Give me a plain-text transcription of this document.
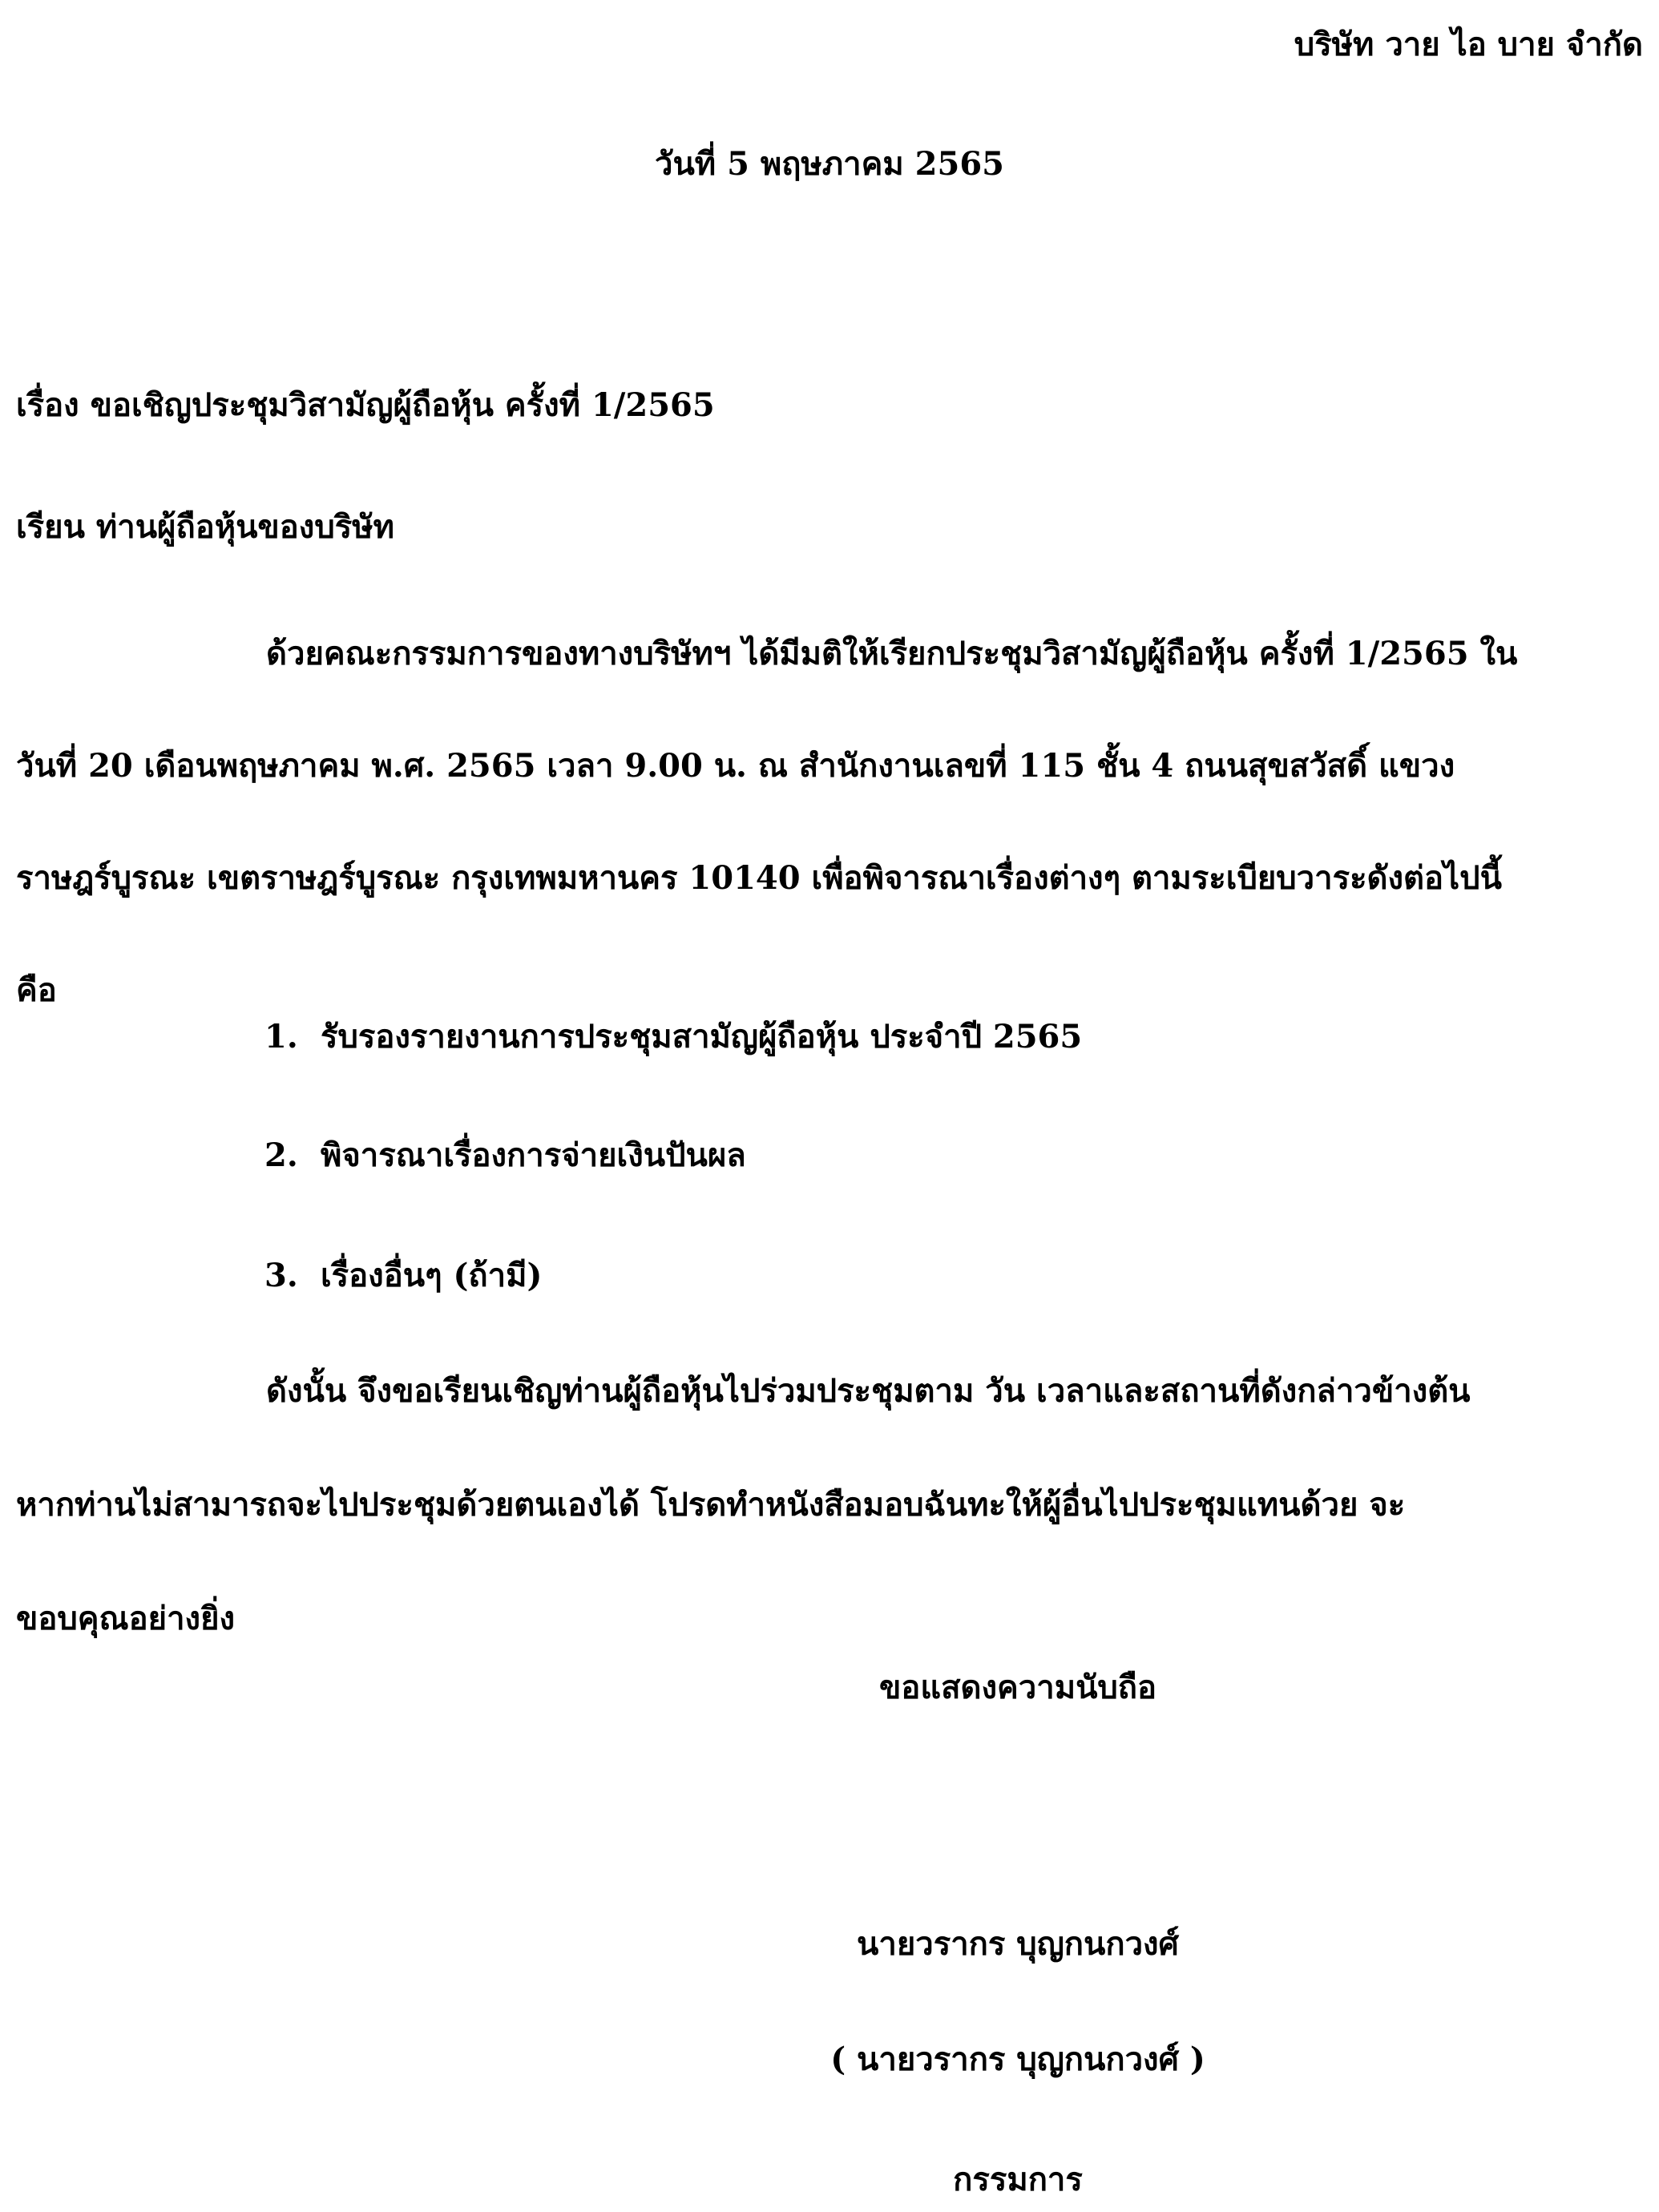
บริษัท วาย ไอ บาย จำกัด
วันที่ 5 พฤษภาคม 2565
เรื่อง ขอเชิญประชุมวิสามัญผู้ถือหุ้น ครั้งที่ 1/2565
เรียน ท่านผู้ถือหุ้นของบริษัท
ด้วยคณะกรรมการของทางบริษัทฯ ได้มีมติให้เรียกประชุมวิสามัญผู้ถือหุ้น ครั้งที่ 1/2565 ใน
วันที่ 20 เดือนพฤษภาคม พ.ศ. 2565 เวลา 9.00 น. ณ สำนักงานเลขที่ 115 ชั้น 4 ถนนสุขสวัสดิ์ แขวง
ราษฎร์บูรณะ เขตราษฎร์บูรณะ กรุงเทพมหานคร 10140 เพื่อพิจารณาเรื่องต่างๆ ตามระเบียบวาระดังต่อไปนี้
คือ
1. รับรองรายงานการประชุมสามัญผู้ถือหุ้น ประจำปี 2565
2. พิจารณาเรื่องการจ่ายเงินปันผล
3. เรื่องอื่นๆ (ถ้ามี)
ดังนั้น จึงขอเรียนเชิญท่านผู้ถือหุ้นไปร่วมประชุมตาม วัน เวลาและสถานที่ดังกล่าวข้างต้น
หากท่านไม่สามารถจะไปประชุมด้วยตนเองได้ โปรดทำหนังสือมอบฉันทะให้ผู้อื่นไปประชุมแทนด้วย จะ
ขอบคุณอย่างยิ่ง
ขอแสดงความนับถือ
นายวรากร บุญกนกวงศ์
( นายวรากร บุญกนกวงศ์ )
กรรมการ
